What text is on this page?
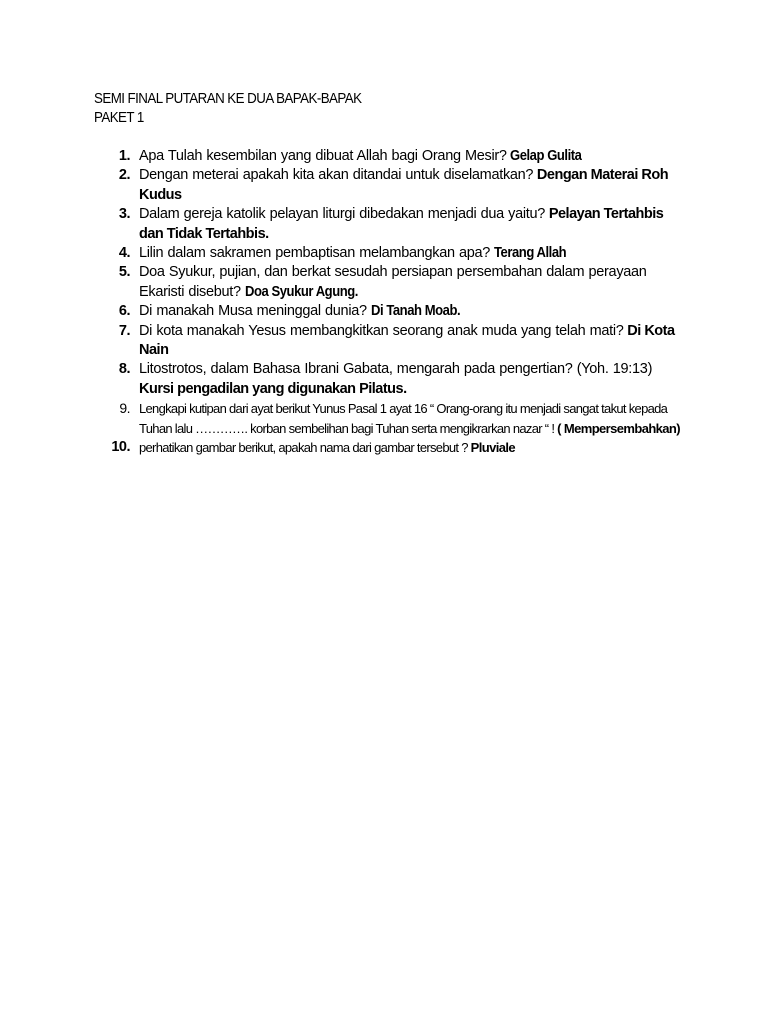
SEMI FINAL PUTARAN KE DUA BAPAK-BAPAK
PAKET 1
1. Apa Tulah kesembilan yang dibuat Allah bagi Orang Mesir? Gelap Gulita
2. Dengan meterai apakah kita akan ditandai untuk diselamatkan? Dengan Materai Roh Kudus
3. Dalam gereja katolik pelayan liturgi dibedakan menjadi dua yaitu? Pelayan Tertahbis dan Tidak Tertahbis.
4. Lilin dalam sakramen pembaptisan melambangkan apa? Terang Allah
5. Doa Syukur, pujian, dan berkat sesudah persiapan persembahan dalam perayaan Ekaristi disebut? Doa Syukur Agung.
6. Di manakah Musa meninggal dunia? Di Tanah Moab.
7. Di kota manakah Yesus membangkitkan seorang anak muda yang telah mati? Di Kota Nain
8. Litostrotos, dalam Bahasa Ibrani Gabata, mengarah pada pengertian? (Yoh. 19:13) Kursi pengadilan yang digunakan Pilatus.
9. Lengkapi kutipan dari ayat berikut Yunus Pasal 1 ayat 16 “ Orang-orang itu menjadi sangat takut kepada Tuhan lalu …………. korban sembelihan bagi Tuhan serta mengikrarkan nazar “ ! ( Mempersembahkan)
10. perhatikan gambar berikut, apakah nama dari gambar tersebut ? Pluviale
